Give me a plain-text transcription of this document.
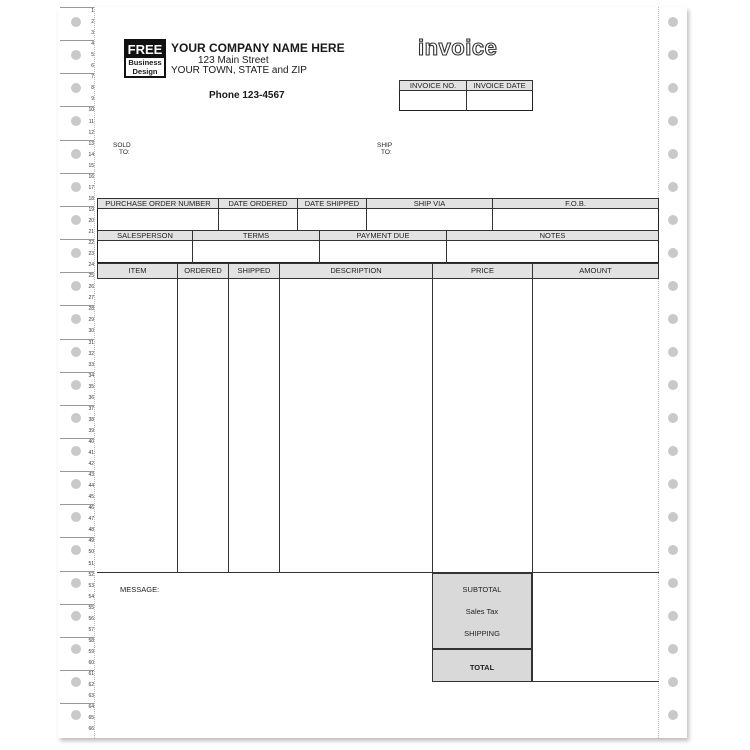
1
2
3
4
5
6
7
8
9
10
11
12
13
14
15
16
17
18
19
20
21
22
23
24
25
26
27
28
29
30
31
32
33
34
35
36
37
38
39
40
41
42
43
44
45
46
47
48
49
50
51
52
53
54
55
56
57
58
59
60
61
62
63
64
65
66
FREE
Business
Design
YOUR COMPANY NAME HERE
123 Main Street
YOUR TOWN, STATE and ZIP
Phone 123-4567
invoice
INVOICE NO.	INVOICE DATE
SOLD
TO:
SHIP
TO:
PURCHASE ORDER NUMBER	DATE ORDERED	DATE SHIPPED	SHIP VIA	F.O.B.
SALESPERSON	TERMS	PAYMENT DUE	NOTES
ITEM	ORDERED	SHIPPED	DESCRIPTION	PRICE	AMOUNT
MESSAGE:	SUBTOTAL
Sales Tax
SHIPPING
TOTAL
